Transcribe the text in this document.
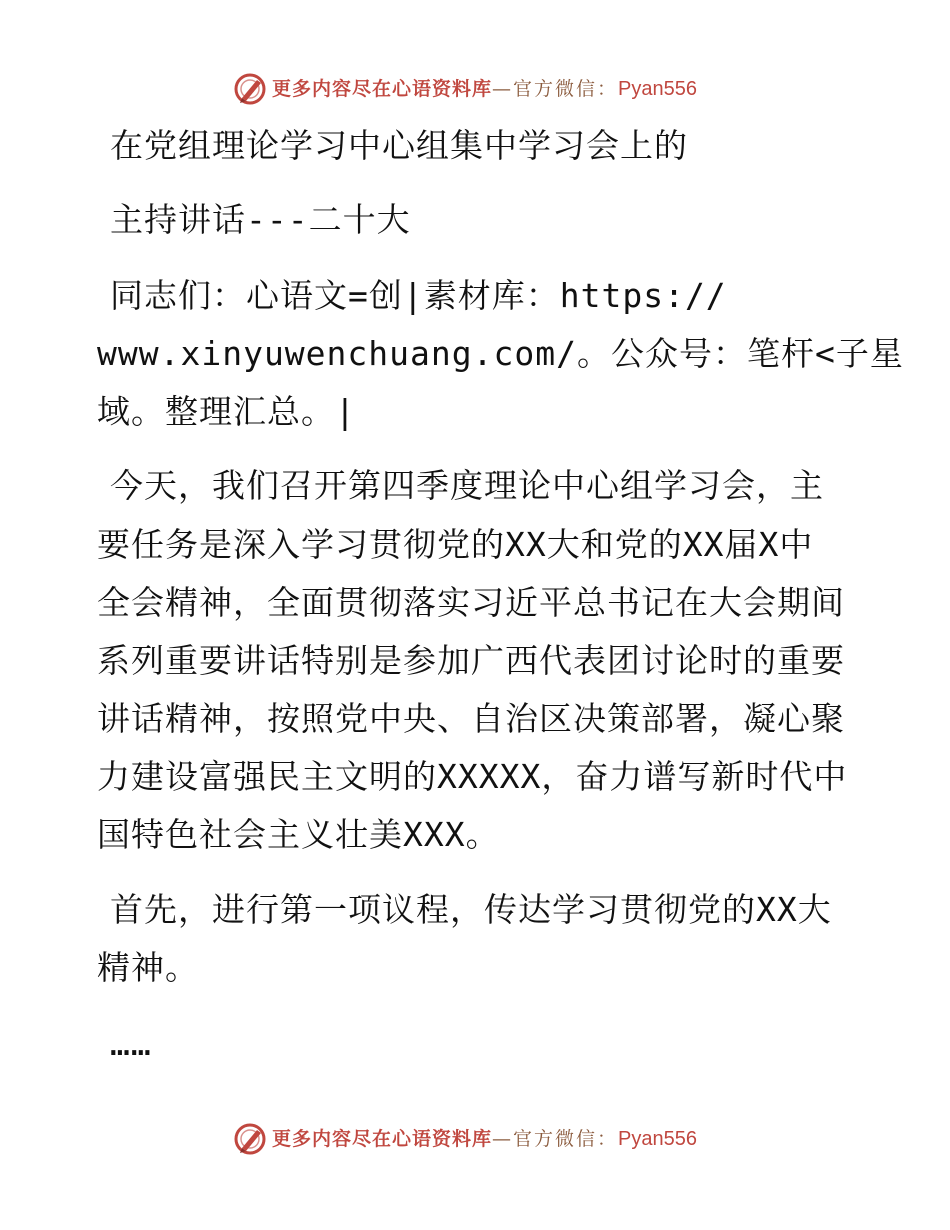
更多内容尽在心语资料库—官方微信：Pyan556
在党组理论学习中心组集中学习会上的
主持讲话---二十大
同志们：心语文=创|素材库：https://
www.xinyuwenchuang.com/。公众号：笔杆<子星
域。整理汇总。|
今天，我们召开第四季度理论中心组学习会，主
要任务是深入学习贯彻党的XX大和党的XX届X中
全会精神，全面贯彻落实习近平总书记在大会期间
系列重要讲话特别是参加广西代表团讨论时的重要
讲话精神，按照党中央、自治区决策部署，凝心聚
力建设富强民主文明的XXXXX，奋力谱写新时代中
国特色社会主义壮美XXX。
首先，进行第一项议程，传达学习贯彻党的XX大
精神。
……
更多内容尽在心语资料库—官方微信：Pyan556
